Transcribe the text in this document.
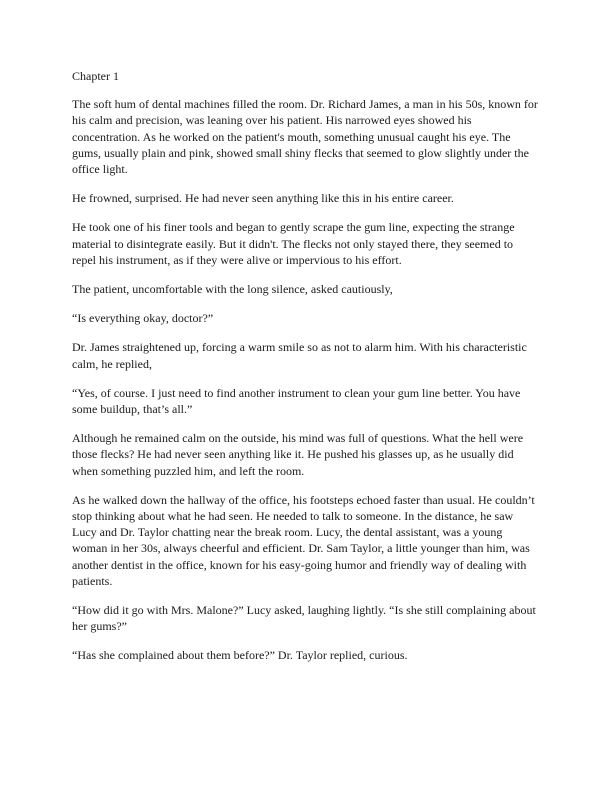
Chapter 1

The soft hum of dental machines filled the room. Dr. Richard James, a man in his 50s, known for his calm and precision, was leaning over his patient. His narrowed eyes showed his concentration. As he worked on the patient's mouth, something unusual caught his eye. The gums, usually plain and pink, showed small shiny flecks that seemed to glow slightly under the office light.

He frowned, surprised. He had never seen anything like this in his entire career.

He took one of his finer tools and began to gently scrape the gum line, expecting the strange material to disintegrate easily. But it didn't. The flecks not only stayed there, they seemed to repel his instrument, as if they were alive or impervious to his effort.

The patient, uncomfortable with the long silence, asked cautiously,

“Is everything okay, doctor?”

Dr. James straightened up, forcing a warm smile so as not to alarm him. With his characteristic calm, he replied,

“Yes, of course. I just need to find another instrument to clean your gum line better. You have some buildup, that’s all.”

Although he remained calm on the outside, his mind was full of questions. What the hell were those flecks? He had never seen anything like it. He pushed his glasses up, as he usually did when something puzzled him, and left the room.

As he walked down the hallway of the office, his footsteps echoed faster than usual. He couldn’t stop thinking about what he had seen. He needed to talk to someone. In the distance, he saw Lucy and Dr. Taylor chatting near the break room. Lucy, the dental assistant, was a young woman in her 30s, always cheerful and efficient. Dr. Sam Taylor, a little younger than him, was another dentist in the office, known for his easy-going humor and friendly way of dealing with patients.

“How did it go with Mrs. Malone?” Lucy asked, laughing lightly. “Is she still complaining about her gums?”

“Has she complained about them before?” Dr. Taylor replied, curious.
